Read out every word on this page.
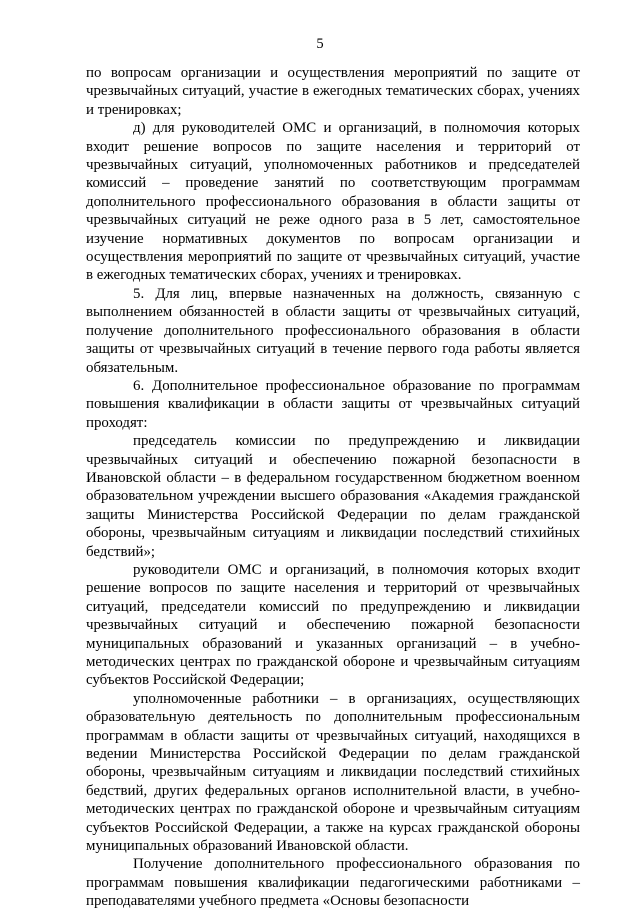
5

по вопросам организации и осуществления мероприятий по защите от чрезвычайных ситуаций, участие в ежегодных тематических сборах, учениях и тренировках;

д) для руководителей ОМС и организаций, в полномочия которых входит решение вопросов по защите населения и территорий от чрезвычайных ситуаций, уполномоченных работников и председателей комиссий – проведение занятий по соответствующим программам дополнительного профессионального образования в области защиты от чрезвычайных ситуаций не реже одного раза в 5 лет, самостоятельное изучение нормативных документов по вопросам организации и осуществления мероприятий по защите от чрезвычайных ситуаций, участие в ежегодных тематических сборах, учениях и тренировках.

5. Для лиц, впервые назначенных на должность, связанную с выполнением обязанностей в области защиты от чрезвычайных ситуаций, получение дополнительного профессионального образования в области защиты от чрезвычайных ситуаций в течение первого года работы является обязательным.

6. Дополнительное профессиональное образование по программам повышения квалификации в области защиты от чрезвычайных ситуаций проходят:

председатель комиссии по предупреждению и ликвидации чрезвычайных ситуаций и обеспечению пожарной безопасности в Ивановской области – в федеральном государственном бюджетном военном образовательном учреждении высшего образования «Академия гражданской защиты Министерства Российской Федерации по делам гражданской обороны, чрезвычайным ситуациям и ликвидации последствий стихийных бедствий»;

руководители ОМС и организаций, в полномочия которых входит решение вопросов по защите населения и территорий от чрезвычайных ситуаций, председатели комиссий по предупреждению и ликвидации чрезвычайных ситуаций и обеспечению пожарной безопасности муниципальных образований и указанных организаций – в учебно-методических центрах по гражданской обороне и чрезвычайным ситуациям субъектов Российской Федерации;

уполномоченные работники – в организациях, осуществляющих образовательную деятельность по дополнительным профессиональным программам в области защиты от чрезвычайных ситуаций, находящихся в ведении Министерства Российской Федерации по делам гражданской обороны, чрезвычайным ситуациям и ликвидации последствий стихийных бедствий, других федеральных органов исполнительной власти, в учебно-методических центрах по гражданской обороне и чрезвычайным ситуациям субъектов Российской Федерации, а также на курсах гражданской обороны муниципальных образований Ивановской области.

Получение дополнительного профессионального образования по программам повышения квалификации педагогическими работниками – преподавателями учебного предмета «Основы безопасности
